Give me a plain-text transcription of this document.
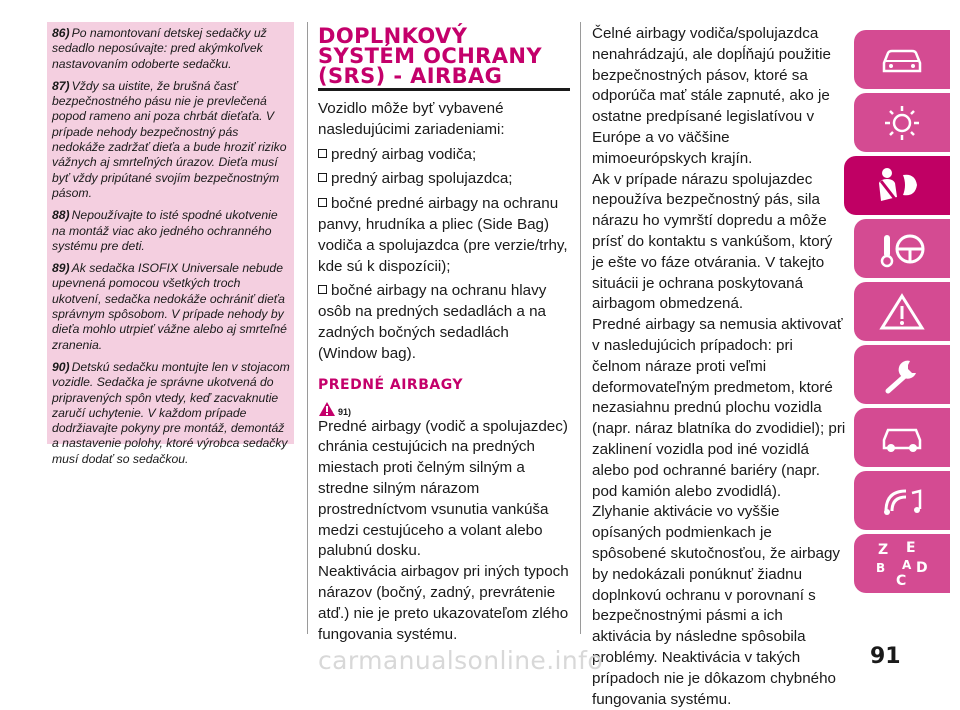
86) Po namontovaní detskej sedačky už sedadlo neposúvajte: pred akýmkoľvek nastavovaním odoberte sedačku.

87) Vždy sa uistite, že brušná časť bezpečnostného pásu nie je prevlečená popod rameno ani poza chrbát dieťaťa. V prípade nehody bezpečnostný pás nedokáže zadržať dieťa a bude hroziť riziko vážnych aj smrteľných úrazov. Dieťa musí byť vždy pripútané svojím bezpečnostným pásom.

88) Nepoužívajte to isté spodné ukotvenie na montáž viac ako jedného ochranného systému pre deti.

89) Ak sedačka ISOFIX Universale nebude upevnená pomocou všetkých troch ukotvení, sedačka nedokáže ochrániť dieťa správnym spôsobom. V prípade nehody by dieťa mohlo utrpieť vážne alebo aj smrteľné zranenia.

90) Detskú sedačku montujte len v stojacom vozidle. Sedačka je správne ukotvená do pripravených spôn vtedy, keď zacvaknutie zaručí uchytenie. V každom prípade dodržiavajte pokyny pre montáž, demontáž a nastavenie polohy, ktoré výrobca sedačky musí dodať so sedačkou.

DOPLNKOVÝ
SYSTÉM OCHRANY
(SRS) - AIRBAG

Vozidlo môže byť vybavené nasledujúcimi zariadeniami:

predný airbag vodiča;

predný airbag spolujazdca;

bočné predné airbagy na ochranu panvy, hrudníka a pliec (Side Bag) vodiča a spolujazdca (pre verzie/trhy, kde sú k dispozícii);

bočné airbagy na ochranu hlavy osôb na predných sedadlách a na zadných bočných sedadlách (Window bag).

PREDNÉ AIRBAGY
91)

Predné airbagy (vodič a spolujazdec) chránia cestujúcich na predných miestach proti čelným silným a stredne silným nárazom prostredníctvom vsunutia vankúša medzi cestujúceho a volant alebo palubnú dosku.

Neaktivácia airbagov pri iných typoch nárazov (bočný, zadný, prevrátenie atď.) nie je preto ukazovateľom zlého fungovania systému.

Čelné airbagy vodiča/spolujazdca nenahrádzajú, ale dopĺňajú použitie bezpečnostných pásov, ktoré sa odporúča mať stále zapnuté, ako je ostatne predpísané legislatívou v Európe a vo väčšine mimoeurópskych krajín.

Ak v prípade nárazu spolujazdec nepoužíva bezpečnostný pás, sila nárazu ho vymrští dopredu a môže prísť do kontaktu s vankúšom, ktorý je ešte vo fáze otvárania. V takejto situácii je ochrana poskytovaná airbagom obmedzená.

Predné airbagy sa nemusia aktivovať v nasledujúcich prípadoch: pri čelnom náraze proti veľmi deformovateľným predmetom, ktoré nezasiahnu prednú plochu vozidla (napr. náraz blatníka do zvodidiel); pri zaklinení vozidla pod iné vozidlá alebo pod ochranné bariéry (napr. pod kamión alebo zvodidlá).

Zlyhanie aktivácie vo vyššie opísaných podmienkach je spôsobené skutočnosťou, že airbagy by nedokázali ponúknuť žiadnu doplnkovú ochranu v porovnaní s bezpečnostnými pásmi a ich aktivácia by následne spôsobila problémy. Neaktivácia v takých prípadoch nie je dôkazom chybného fungovania systému.

Z E
B D
C
A
91
carmanualsonline.info
